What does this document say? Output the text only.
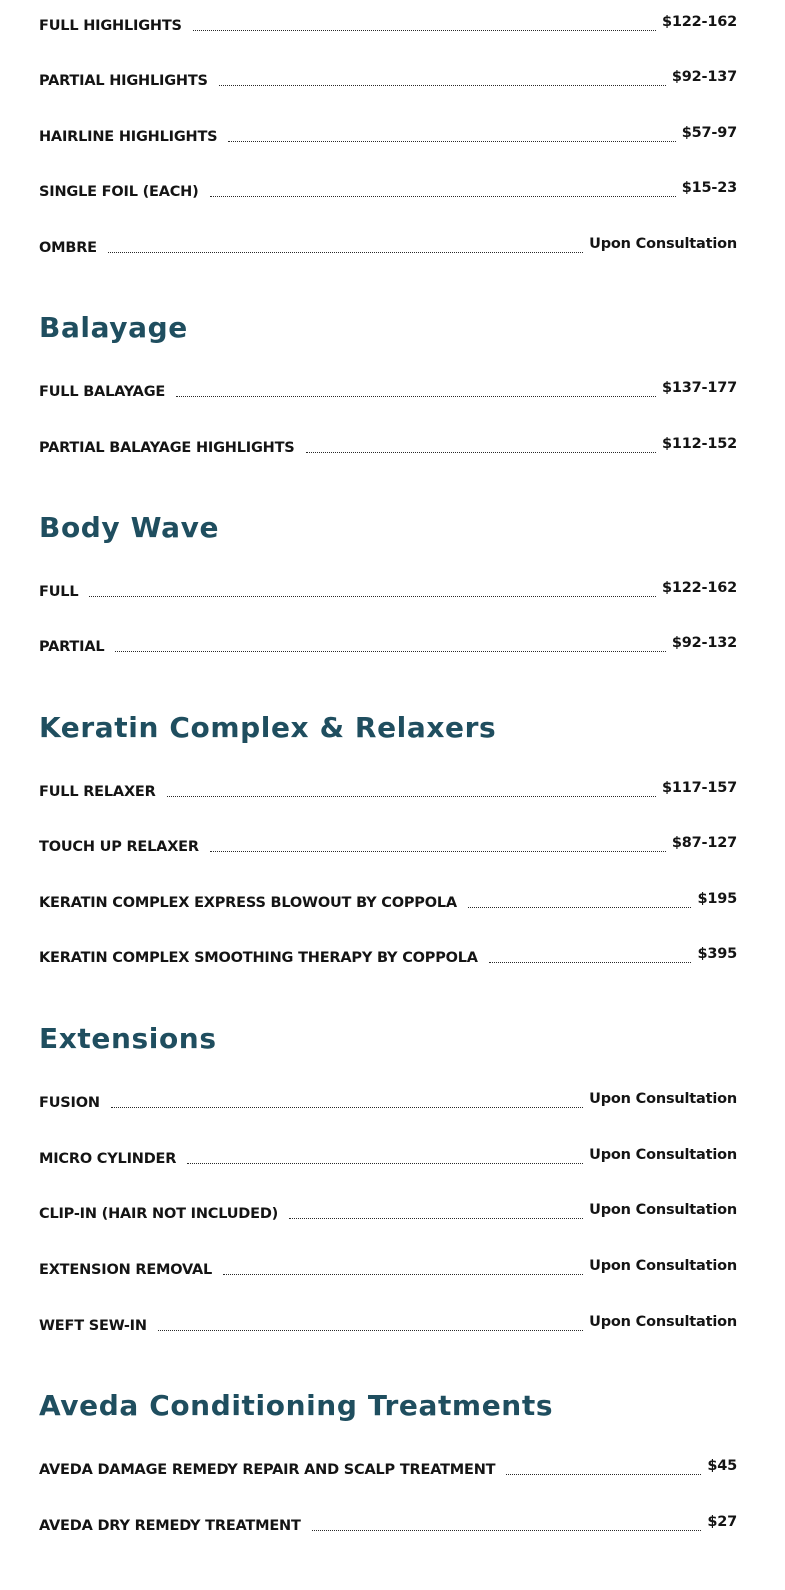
FULL HIGHLIGHTS	$122-162
PARTIAL HIGHLIGHTS	$92-137
HAIRLINE HIGHLIGHTS	$57-97
SINGLE FOIL (EACH)	$15-23
OMBRE	Upon Consultation
Balayage
FULL BALAYAGE	$137-177
PARTIAL BALAYAGE HIGHLIGHTS	$112-152
Body Wave
FULL	$122-162
PARTIAL	$92-132
Keratin Complex & Relaxers
FULL RELAXER	$117-157
TOUCH UP RELAXER	$87-127
KERATIN COMPLEX EXPRESS BLOWOUT BY COPPOLA	$195
KERATIN COMPLEX SMOOTHING THERAPY BY COPPOLA	$395
Extensions
FUSION	Upon Consultation
MICRO CYLINDER	Upon Consultation
CLIP-IN (HAIR NOT INCLUDED)	Upon Consultation
EXTENSION REMOVAL	Upon Consultation
WEFT SEW-IN	Upon Consultation
Aveda Conditioning Treatments
AVEDA DAMAGE REMEDY REPAIR AND SCALP TREATMENT	$45
AVEDA DRY REMEDY TREATMENT	$27
